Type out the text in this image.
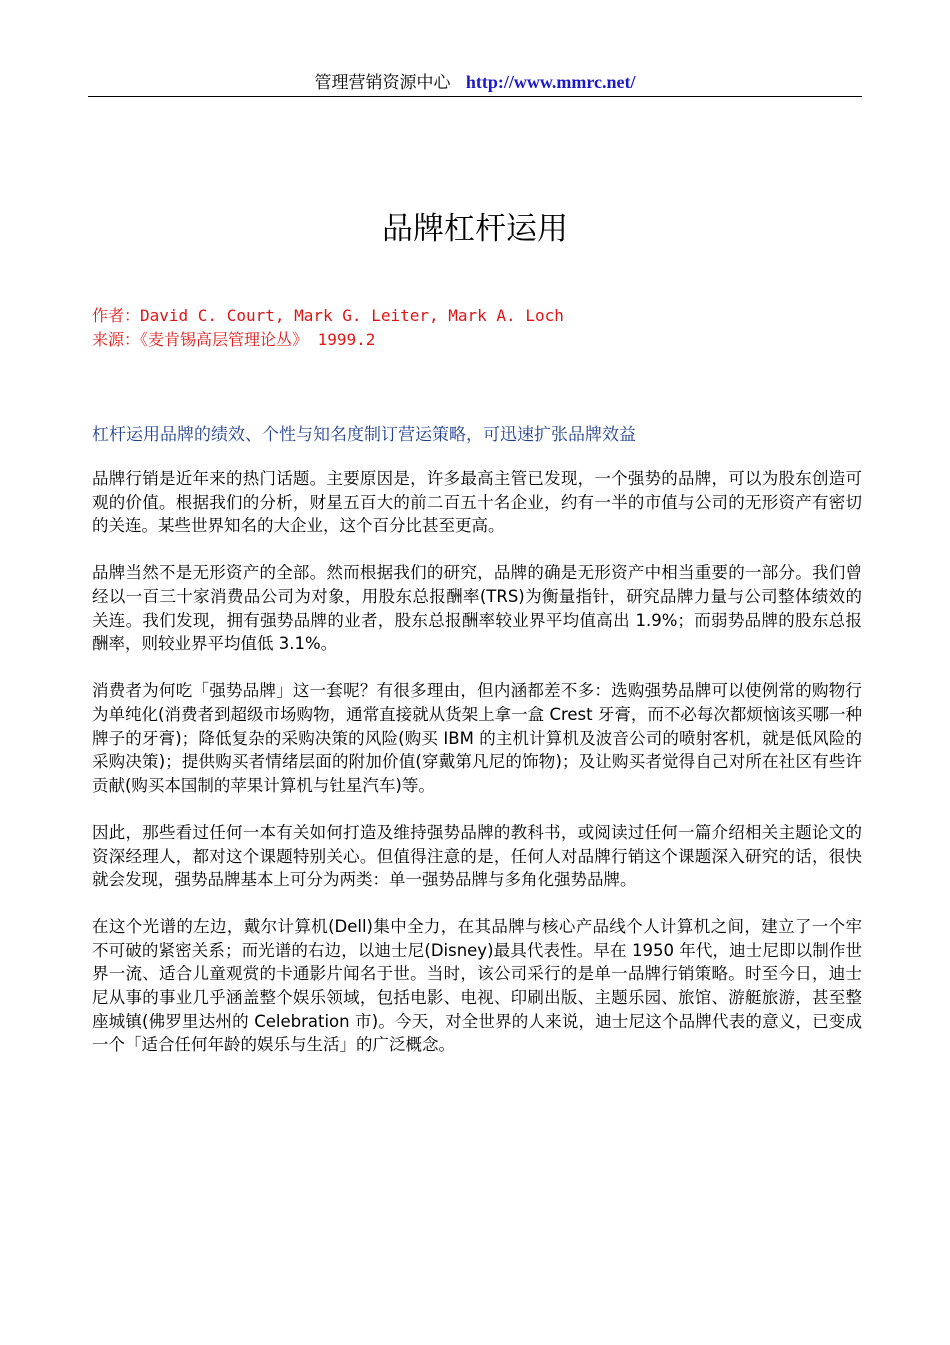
管理营销资源中心 http://www.mmrc.net/
品牌杠杆运用
作者：David C. Court, Mark G. Leiter, Mark A. Loch
来源：《麦肯锡高层管理论丛》 1999.2
杠杆运用品牌的绩效、个性与知名度制订营运策略，可迅速扩张品牌效益

品牌行销是近年来的热门话题。主要原因是，许多最高主管已发现，一个强势的品牌，可以为股东创造可观的价值。根据我们的分析，财星五百大的前二百五十名企业，约有一半的市值与公司的无形资产有密切的关连。某些世界知名的大企业，这个百分比甚至更高。

品牌当然不是无形资产的全部。然而根据我们的研究，品牌的确是无形资产中相当重要的一部分。我们曾经以一百三十家消费品公司为对象，用股东总报酬率(TRS)为衡量指针，研究品牌力量与公司整体绩效的关连。我们发现，拥有强势品牌的业者，股东总报酬率较业界平均值高出 1.9%；而弱势品牌的股东总报酬率，则较业界平均值低 3.1%。

消费者为何吃「强势品牌」这一套呢？有很多理由，但内涵都差不多：选购强势品牌可以使例常的购物行为单纯化(消费者到超级市场购物，通常直接就从货架上拿一盒 Crest 牙膏，而不必每次都烦恼该买哪一种牌子的牙膏)；降低复杂的采购决策的风险(购买 IBM 的主机计算机及波音公司的喷射客机，就是低风险的采购决策)；提供购买者情绪层面的附加价值(穿戴第凡尼的饰物)；及让购买者觉得自己对所在社区有些许贡献(购买本国制的苹果计算机与钍星汽车)等。

因此，那些看过任何一本有关如何打造及维持强势品牌的教科书，或阅读过任何一篇介绍相关主题论文的资深经理人，都对这个课题特别关心。但值得注意的是，任何人对品牌行销这个课题深入研究的话，很快就会发现，强势品牌基本上可分为两类：单一强势品牌与多角化强势品牌。

在这个光谱的左边，戴尔计算机(Dell)集中全力，在其品牌与核心产品线个人计算机之间，建立了一个牢不可破的紧密关系；而光谱的右边，以迪士尼(Disney)最具代表性。早在 1950 年代，迪士尼即以制作世界一流、适合儿童观赏的卡通影片闻名于世。当时，该公司采行的是单一品牌行销策略。时至今日，迪士尼从事的事业几乎涵盖整个娱乐领域，包括电影、电视、印刷出版、主题乐园、旅馆、游艇旅游，甚至整座城镇(佛罗里达州的 Celebration 市)。今天，对全世界的人来说，迪士尼这个品牌代表的意义，已变成一个「适合任何年龄的娱乐与生活」的广泛概念。
